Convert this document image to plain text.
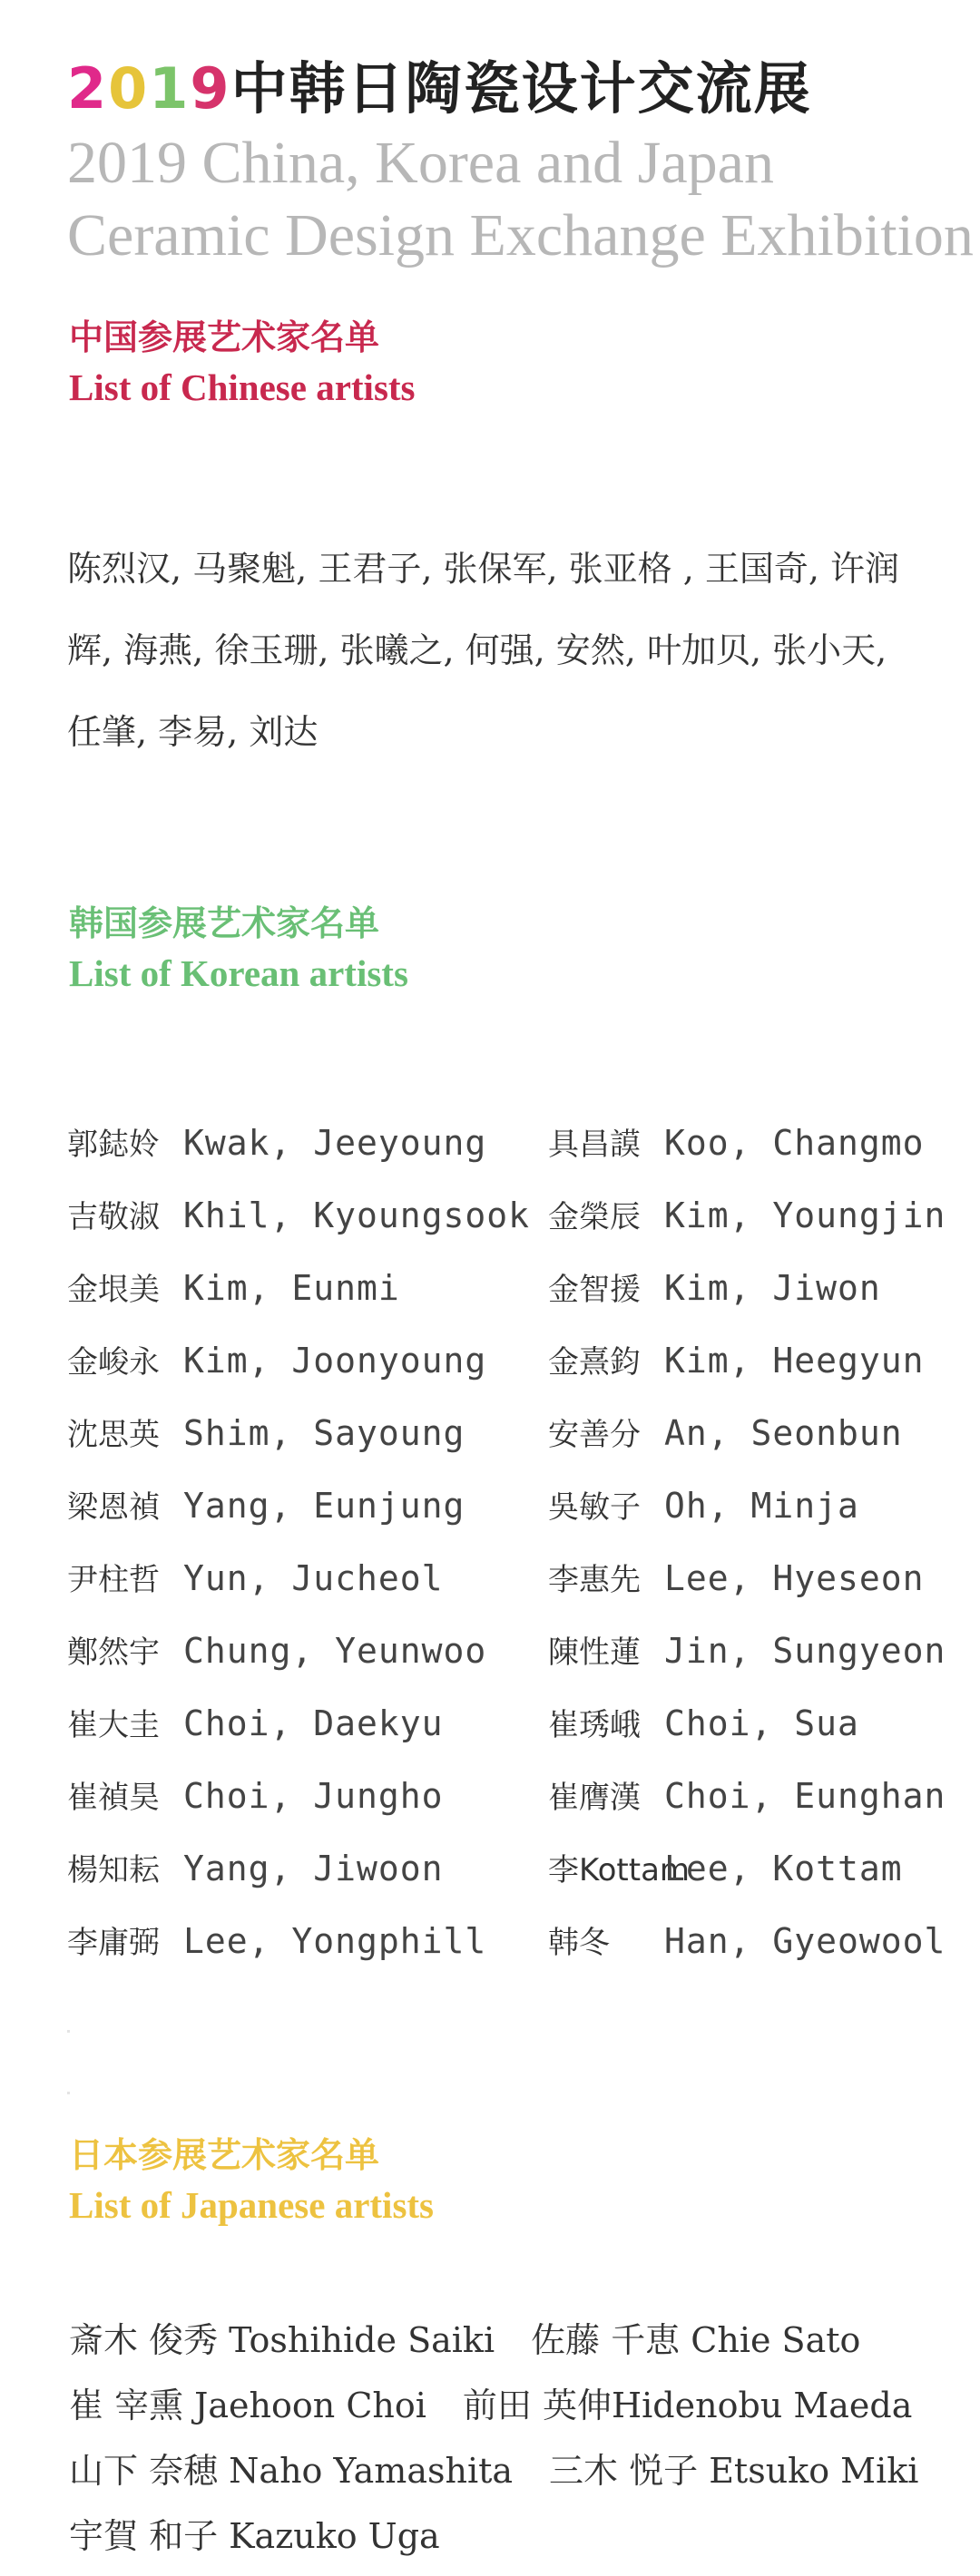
2019中韩日陶瓷设计交流展
2019 China, Korea and Japan
Ceramic Design Exchange Exhibition
中国参展艺术家名单
List of Chinese artists

陈烈汉, 马聚魁, 王君子, 张保军, 张亚格 , 王国奇, 许润辉, 海燕, 徐玉珊, 张曦之, 何强, 安然, 叶加贝, 张小天, 任肇, 李易, 刘达

韩国参展艺术家名单
List of Korean artists
郭鋕姈 Kwak, Jeeyoung 具昌謨 Koo, Changmo
吉敬淑 Khil, Kyoungsook 金榮辰 Kim, Youngjin
金垠美 Kim, Eunmi	金智援 Kim, Jiwon
金峻永 Kim, Joonyoung 金熹鈞 Kim, Heegyun
沈思英 Shim, Sayoung	安善分 An, Seonbun
梁恩禎 Yang, Eunjung	吳敏子 Oh, Minja
尹柱哲 Yun, Jucheol	李惠先 Lee, Hyeseon
鄭然宇 Chung, Yeunwoo 陳性蓮 Jin, Sungyeon
崔大圭 Choi, Daekyu	崔琇峨 Choi, Sua
崔禎昊 Choi, Jungho	崔膺漢 Choi, Eunghan
楊知耘 Yang, Jiwoon	李KottamLee, Kottam
李庸弼 Lee, Yongphill 韩冬 Han, Gyeowool
日本参展艺术家名单
List of Japanese artists
斎木 俊秀 Toshihide Saiki 佐藤 千恵 Chie Sato
崔 宰熏 Jaehoon Choi 前田 英伸Hidenobu Maeda
山下 奈穂 Naho Yamashita 三木 悦子 Etsuko Miki
宇賀 和子 Kazuko Uga
